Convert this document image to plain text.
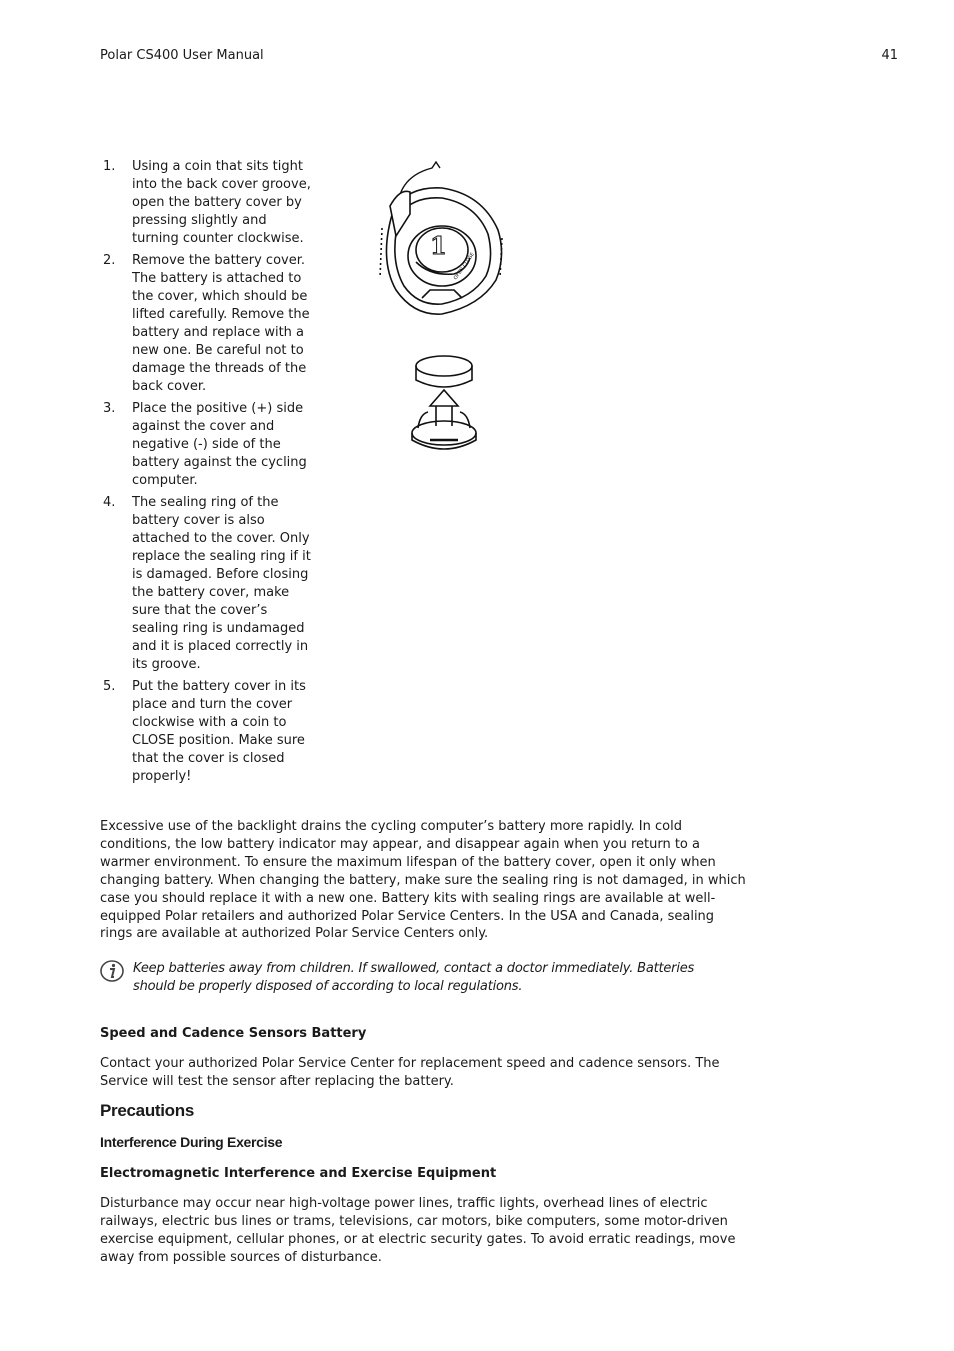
Polar CS400 User Manual	41
1. Using a coin that sits tight into the back cover groove, open the battery cover by pressing slightly and turning counter clockwise.
2. Remove the battery cover. The battery is attached to the cover, which should be lifted carefully. Remove the battery and replace with a new one. Be careful not to damage the threads of the back cover.
3. Place the positive (+) side against the cover and negative (-) side of the battery against the cycling computer.
4. The sealing ring of the battery cover is also attached to the cover. Only replace the sealing ring if it is damaged. Before closing the battery cover, make sure that the cover’s sealing ring is undamaged and it is placed correctly in its groove.
5. Put the battery cover in its place and turn the cover clockwise with a coin to CLOSE position. Make sure that the cover is closed properly!
1
OPEN CLOSE

Excessive use of the backlight drains the cycling computer’s battery more rapidly. In cold conditions, the low battery indicator may appear, and disappear again when you return to a warmer environment. To ensure the maximum lifespan of the battery cover, open it only when changing battery. When changing the battery, make sure the sealing ring is not damaged, in which case you should replace it with a new one. Battery kits with sealing rings are available at well-equipped Polar retailers and authorized Polar Service Centers. In the USA and Canada, sealing rings are available at authorized Polar Service Centers only.

Keep batteries away from children. If swallowed, contact a doctor immediately. Batteries should be properly disposed of according to local regulations.

Speed and Cadence Sensors Battery

Contact your authorized Polar Service Center for replacement speed and cadence sensors. The Service will test the sensor after replacing the battery.

Precautions
Interference During Exercise
Electromagnetic Interference and Exercise Equipment

Disturbance may occur near high-voltage power lines, traffic lights, overhead lines of electric railways, electric bus lines or trams, televisions, car motors, bike computers, some motor-driven exercise equipment, cellular phones, or at electric security gates. To avoid erratic readings, move away from possible sources of disturbance.
